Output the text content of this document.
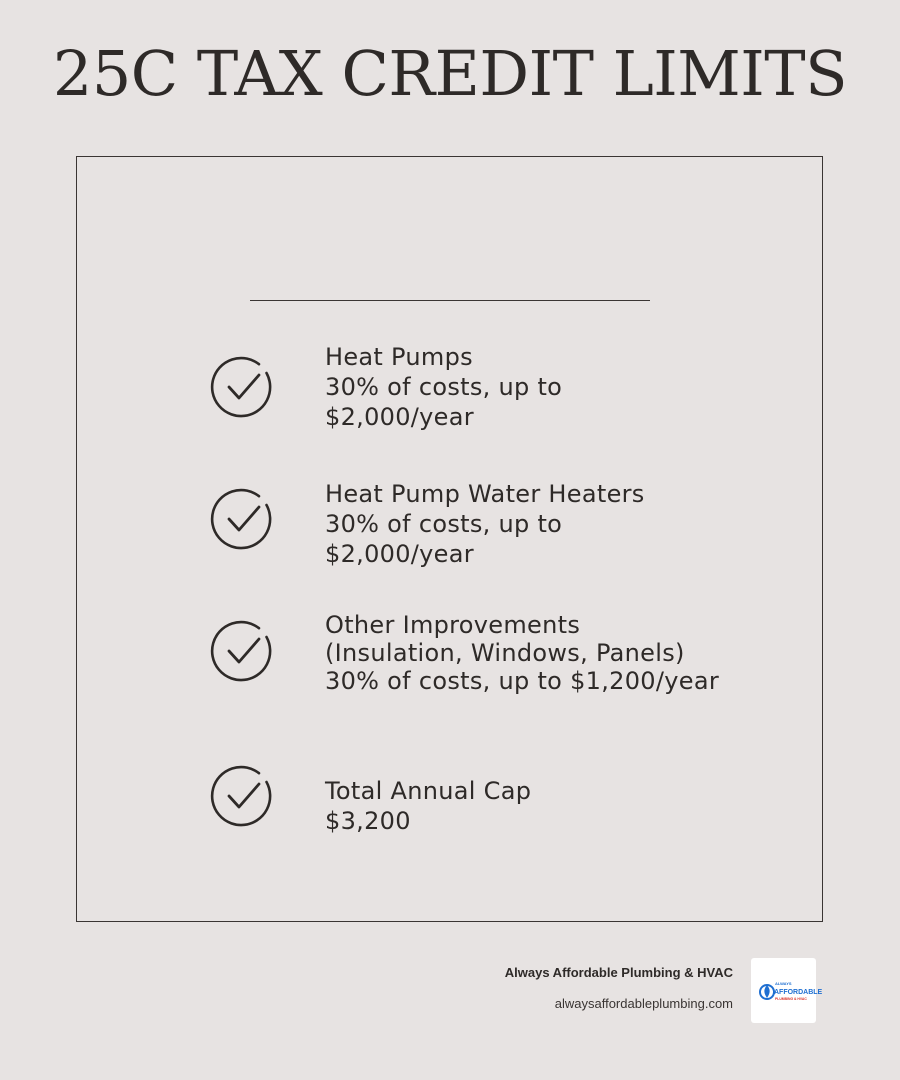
25C TAX CREDIT LIMITS
Heat Pumps
30% of costs, up to
$2,000/year
Heat Pump Water Heaters
30% of costs, up to
$2,000/year
Other Improvements
(Insulation, Windows, Panels)
30% of costs, up to $1,200/year
Total Annual Cap
$3,200
Always Affordable Plumbing & HVAC
alwaysaffordableplumbing.com
ALWAYS
AFFORDABLE
PLUMBING & HVAC
